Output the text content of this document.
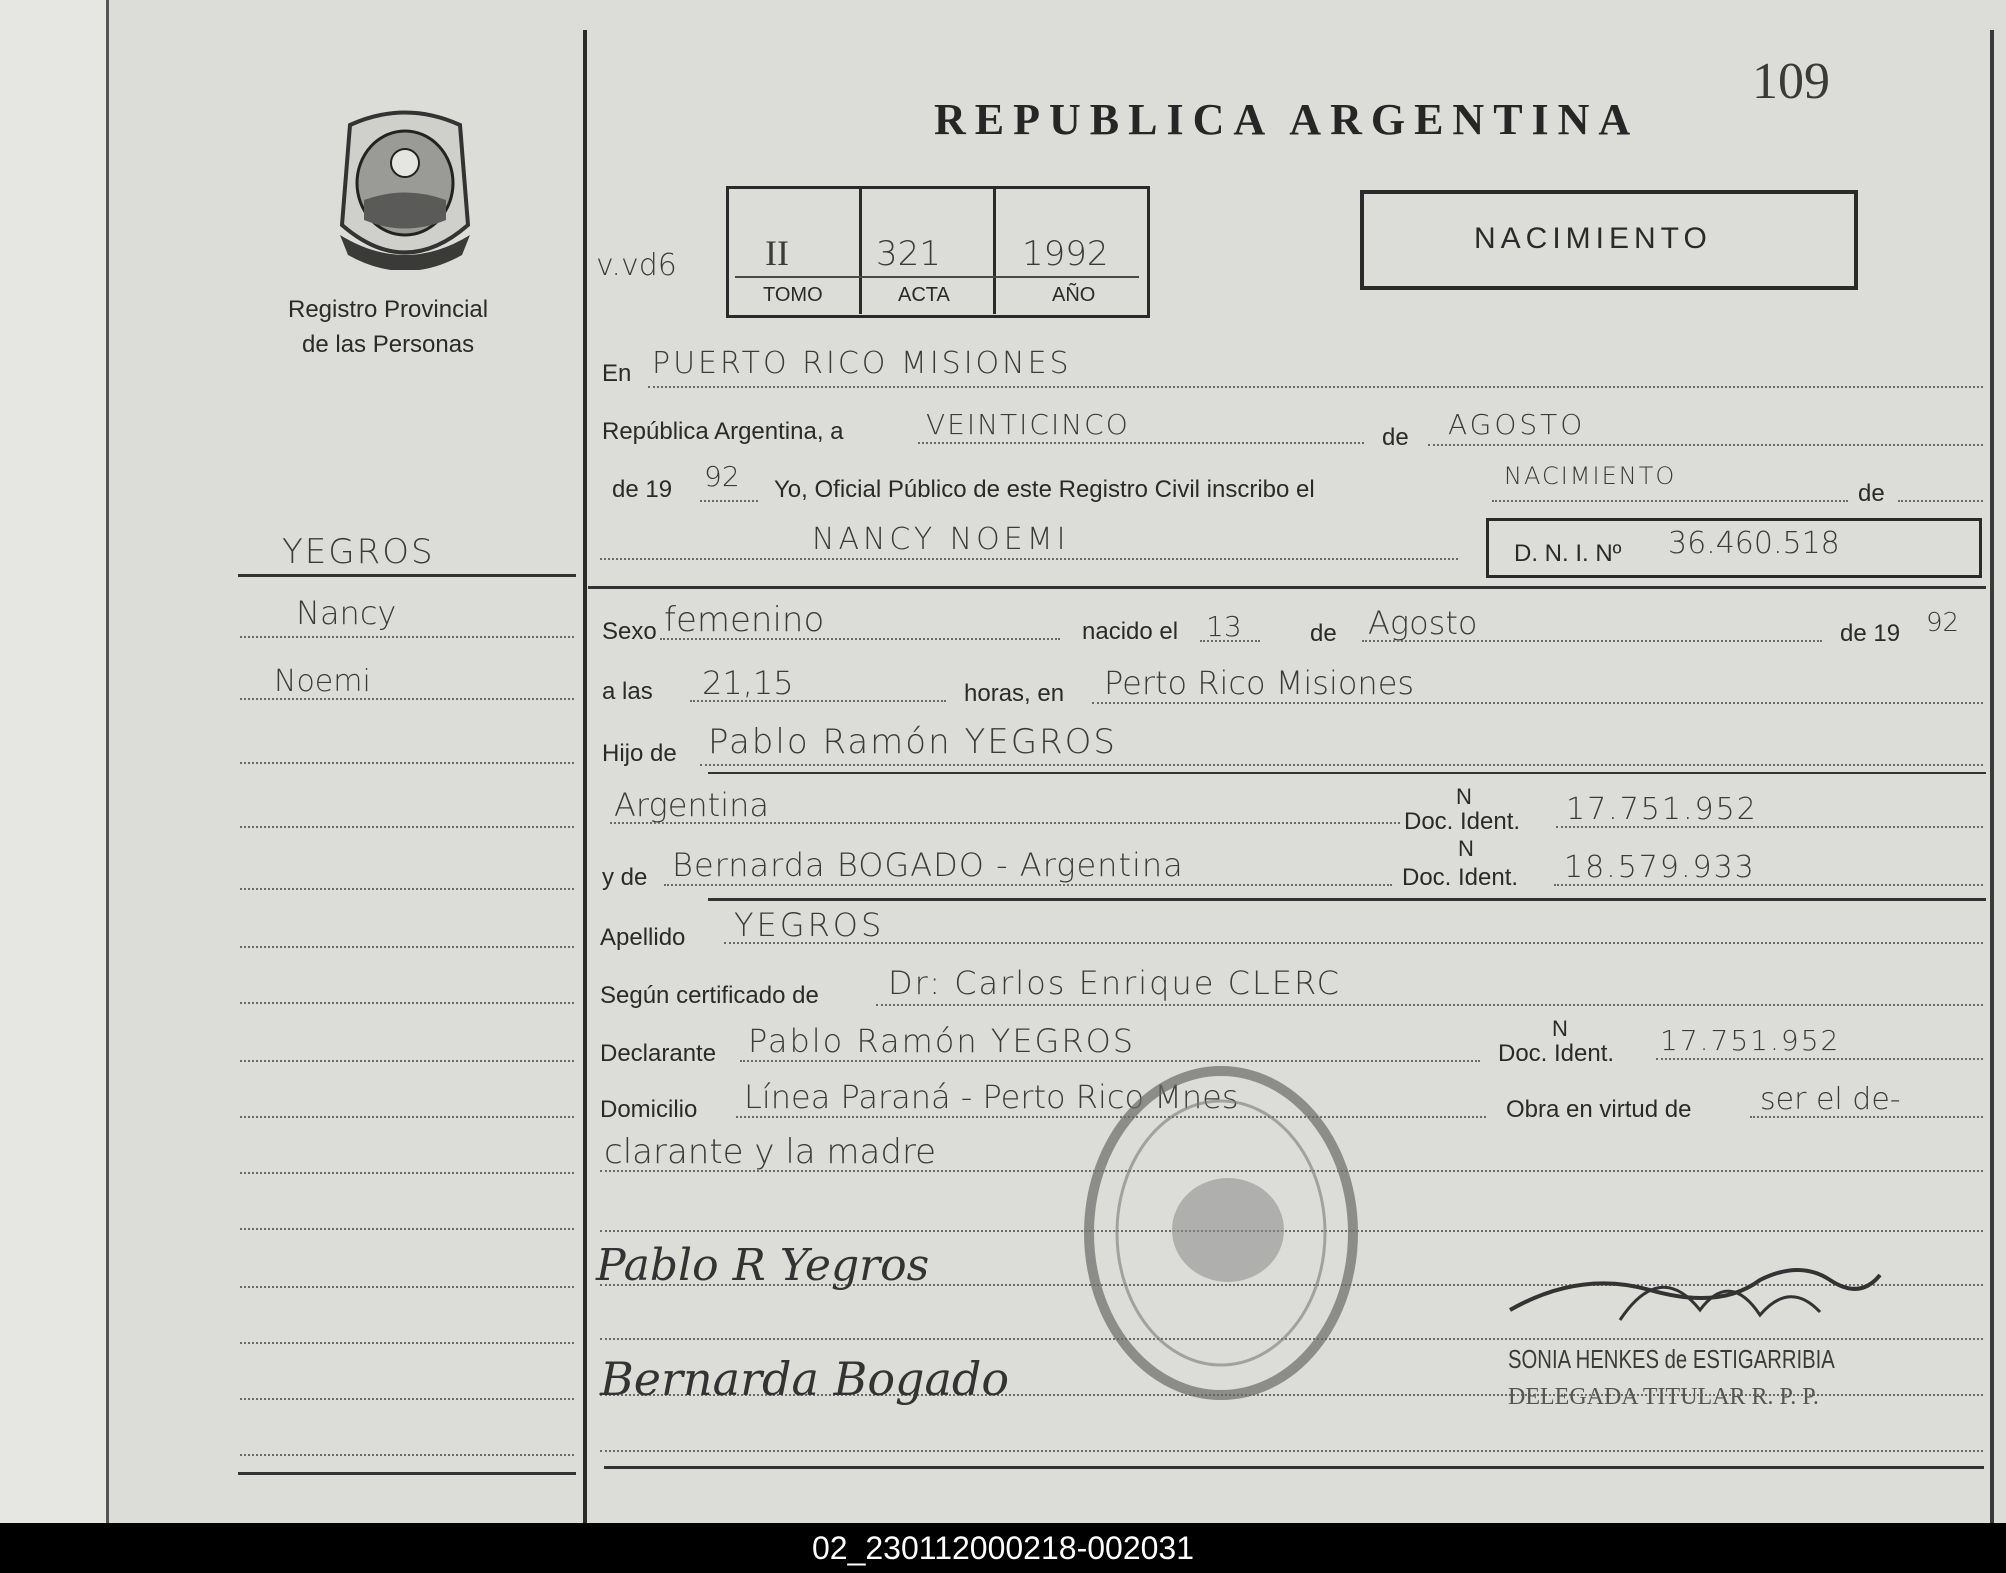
Registro Provincial
de las Personas
REPUBLICA ARGENTINA
109
v.vd6 II	321 1992
TOMO	ACTA	AÑO
NACIMIENTO
YEGROS
Nancy
Noemi
En PUERTO RICO MISIONES
República Argentina, a	VEINTICINCO	de AGOSTO
de 19 92 Yo, Oficial Público de este Registro Civil inscribo el	NACIMIENTO
de
NANCY NOEMI	D. N. I. Nº 36.460.518
Sexo femenino	nacido el 13	de Agosto	de 19 92
a las 21,15	horas, en Perto Rico Misiones
Hijo de Pablo Ramón YEGROS
Argentina	N
Doc. Ident. 17.751.952
y de Bernarda BOGADO - Argentina	N
Doc. Ident. 18.579.933
Apellido YEGROS
Según certificado de Dr: Carlos Enrique CLERC
Declarante Pablo Ramón YEGROS	N
Doc. Ident. 17.751.952
Domicilio Línea Paraná - Perto Rico Mnes	Obra en virtud de ser el de-
clarante y la madre
Pablo R Yegros
Bernarda Bogado	SONIA HENKES de ESTIGARRIBIA
DELEGADA TITULAR R. P. P.
02_230112000218-002031
